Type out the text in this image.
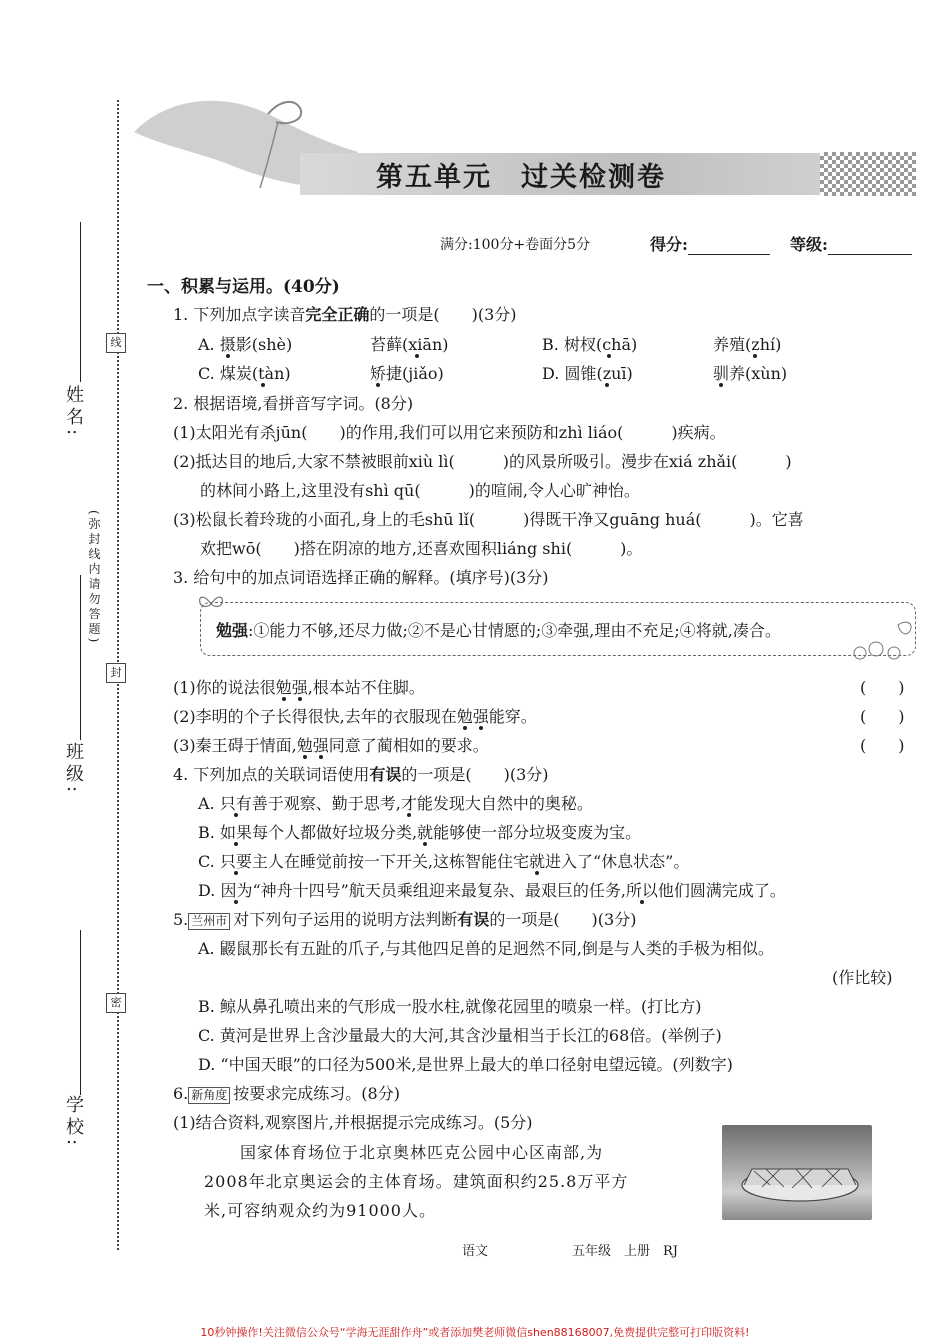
线
封
密
姓名:
(弥封线内请勿答题)
班级:
学校:
第五单元　过关检测卷
满分:100分+卷面分5分	得分:	等级:
一、积累与运用。(40分)
1. 下列加点字读音完全正确的一项是(　　)(3分)
A. 摄影(shè)	苔藓(xiān)	B. 树杈(chā)	养殖(zhí)
C. 煤炭(tàn)	矫捷(jiǎo)	D. 圆锥(zuī)	驯养(xùn)
2. 根据语境,看拼音写字词。(8分)
(1)太阳光有杀jūn(　　)的作用,我们可以用它来预防和zhì liáo(　　　)疾病。
(2)抵达目的地后,大家不禁被眼前xiù lì(　　　)的风景所吸引。漫步在xiá zhǎi(　　　)
的林间小路上,这里没有shì qū(　　　)的喧闹,令人心旷神怡。
(3)松鼠长着玲珑的小面孔,身上的毛shū lǐ(　　　)得既干净又guāng huá(　　　)。它喜
欢把wō(　　)搭在阴凉的地方,还喜欢囤积liáng shi(　　　)。
3. 给句中的加点词语选择正确的解释。(填序号)(3分)
勉强:①能力不够,还尽力做;②不是心甘情愿的;③牵强,理由不充足;④将就,凑合。
(1)你的说法很勉强,根本站不住脚。	(　　)
(2)李明的个子长得很快,去年的衣服现在勉强能穿。	(　　)
(3)秦王碍于情面,勉强同意了蔺相如的要求。	(　　)
4. 下列加点的关联词语使用有误的一项是(　　)(3分)
A. 只有善于观察、勤于思考,才能发现大自然中的奥秘。
B. 如果每个人都做好垃圾分类,就能够使一部分垃圾变废为宝。
C. 只要主人在睡觉前按一下开关,这栋智能住宅就进入了“休息状态”。
D. 因为“神舟十四号”航天员乘组迎来最复杂、最艰巨的任务,所以他们圆满完成了。
5. 兰州市 对下列句子运用的说明方法判断有误的一项是(　　)(3分)
A. 鼹鼠那长有五趾的爪子,与其他四足兽的足迥然不同,倒是与人类的手极为相似。
(作比较)
B. 鲸从鼻孔喷出来的气形成一股水柱,就像花园里的喷泉一样。(打比方)
C. 黄河是世界上含沙量最大的大河,其含沙量相当于长江的68倍。(举例子)
D. “中国天眼”的口径为500米,是世界上最大的单口径射电望远镜。(列数字)
6. 新角度 按要求完成练习。(8分)
(1)结合资料,观察图片,并根据提示完成练习。(5分)
国家体育场位于北京奥林匹克公园中心区南部,为
2008年北京奥运会的主体育场。建筑面积约25.8万平方
米,可容纳观众约为91000人。
语文	五年级　上册　RJ
10秒钟操作!关注微信公众号“学海无涯甜作舟”或者添加樊老师微信shen88168007,免费提供完整可打印版资料!
